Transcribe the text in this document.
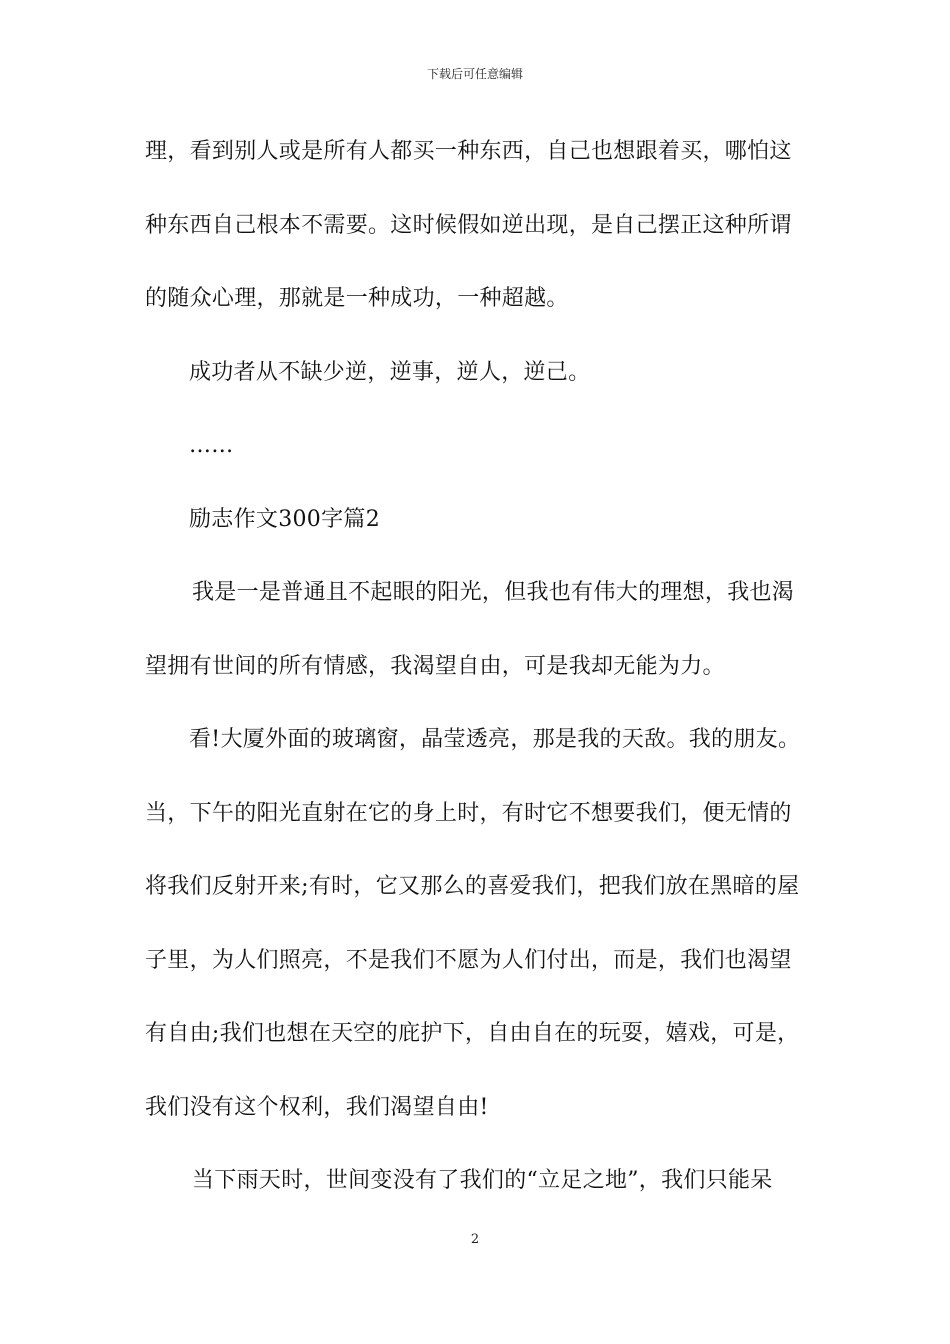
下载后可任意编辑
理，看到别人或是所有人都买一种东西，自己也想跟着买，哪怕这
种东西自己根本不需要。这时候假如逆出现，是自己摆正这种所谓
的随众心理，那就是一种成功，一种超越。
成功者从不缺少逆，逆事，逆人，逆己。
……
励志作文300字篇2
我是一是普通且不起眼的阳光，但我也有伟大的理想，我也渴
望拥有世间的所有情感，我渴望自由，可是我却无能为力。
看!大厦外面的玻璃窗，晶莹透亮，那是我的天敌。我的朋友。
当，下午的阳光直射在它的身上时，有时它不想要我们，便无情的
将我们反射开来;有时，它又那么的喜爱我们，把我们放在黑暗的屋
子里，为人们照亮，不是我们不愿为人们付出，而是，我们也渴望
有自由;我们也想在天空的庇护下，自由自在的玩耍，嬉戏，可是，
我们没有这个权利，我们渴望自由!
当下雨天时，世间变没有了我们的“立足之地”，我们只能呆
2
